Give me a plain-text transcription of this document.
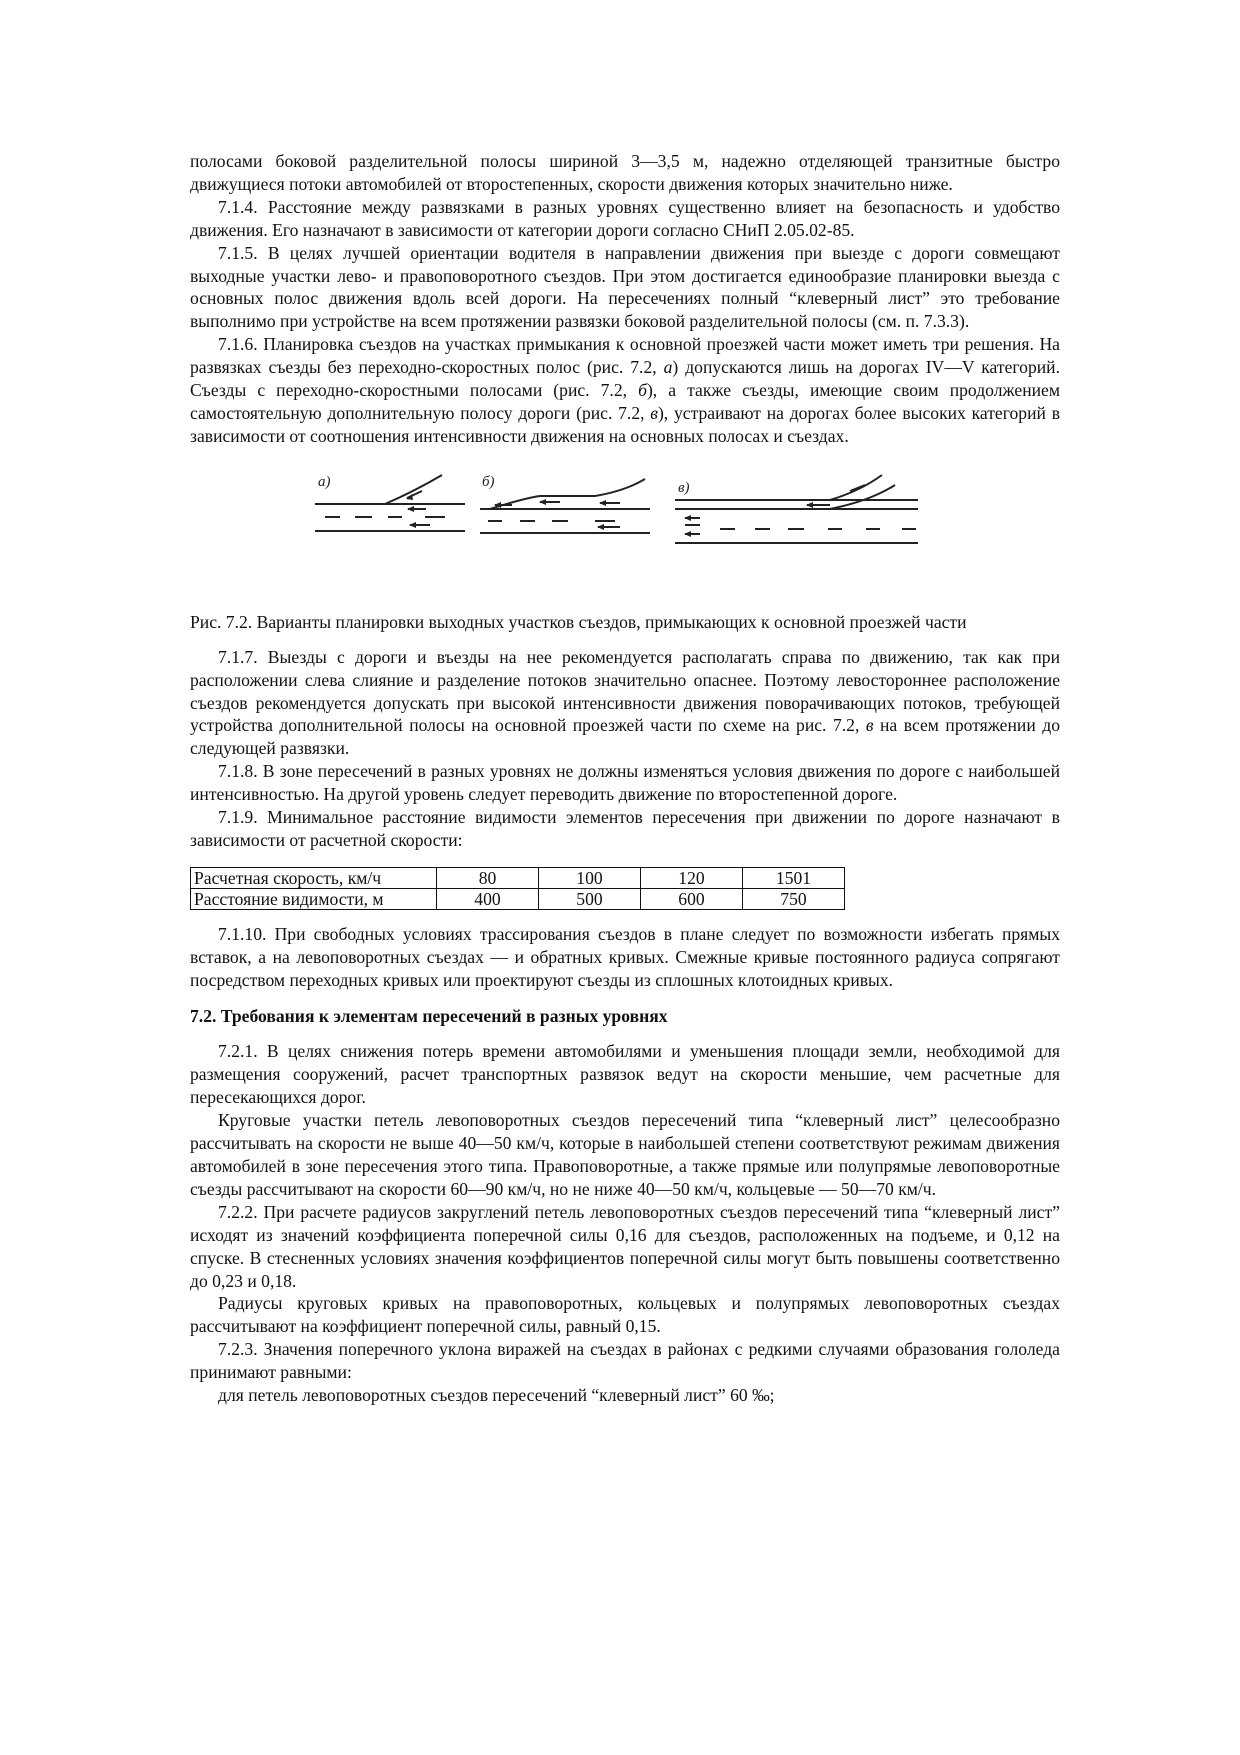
полосами боковой разделительной полосы шириной 3—3,5 м, надежно отделяющей транзитные быстро движущиеся потоки автомобилей от второстепенных, скорости движения которых значительно ниже.

7.1.4. Расстояние между развязками в разных уровнях существенно влияет на безопасность и удобство движения. Его назначают в зависимости от категории дороги согласно СНиП 2.05.02-85.

7.1.5. В целях лучшей ориентации водителя в направлении движения при выезде с дороги совмещают выходные участки лево- и правоповоротного съездов. При этом достигается единообразие планировки выезда с основных полос движения вдоль всей дороги. На пересечениях полный “клеверный лист” это требование выполнимо при устройстве на всем протяжении развязки боковой разделительной полосы (см. п. 7.3.3).

7.1.6. Планировка съездов на участках примыкания к основной проезжей части может иметь три решения. На развязках съезды без переходно-скоростных полос (рис. 7.2, а) допускаются лишь на дорогах IV—V категорий. Съезды с переходно-скоростными полосами (рис. 7.2, б), а также съезды, имеющие своим продолжением самостоятельную дополнительную полосу дороги (рис. 7.2, в), устраивают на дорогах более высоких категорий в зависимости от соотношения интенсивности движения на основных полосах и съездах.

а)	б)	в)

Рис. 7.2. Варианты планировки выходных участков съездов, примыкающих к основной проезжей части

7.1.7. Выезды с дороги и въезды на нее рекомендуется располагать справа по движению, так как при расположении слева слияние и разделение потоков значительно опаснее. Поэтому левостороннее расположение съездов рекомендуется допускать при высокой интенсивности движения поворачивающих потоков, требующей устройства дополнительной полосы на основной проезжей части по схеме на рис. 7.2, в на всем протяжении до следующей развязки.

7.1.8. В зоне пересечений в разных уровнях не должны изменяться условия движения по дороге с наибольшей интенсивностью. На другой уровень следует переводить движение по второстепенной дороге.

7.1.9. Минимальное расстояние видимости элементов пересечения при движении по дороге назначают в зависимости от расчетной скорости:

Расчетная скорость, км/ч	80	100	120	1501
Расстояние видимости, м	400	500	600	750

7.1.10. При свободных условиях трассирования съездов в плане следует по возможности избегать прямых вставок, а на левоповоротных съездах — и обратных кривых. Смежные кривые постоянного радиуса сопрягают посредством переходных кривых или проектируют съезды из сплошных клотоидных кривых.

7.2. Требования к элементам пересечений в разных уровнях

7.2.1. В целях снижения потерь времени автомобилями и уменьшения площади земли, необходимой для размещения сооружений, расчет транспортных развязок ведут на скорости меньшие, чем расчетные для пересекающихся дорог.

Круговые участки петель левоповоротных съездов пересечений типа “клеверный лист” целесообразно рассчитывать на скорости не выше 40—50 км/ч, которые в наибольшей степени соответствуют режимам движения автомобилей в зоне пересечения этого типа. Правоповоротные, а также прямые или полупрямые левоповоротные съезды рассчитывают на скорости 60—90 км/ч, но не ниже 40—50 км/ч, кольцевые — 50—70 км/ч.

7.2.2. При расчете радиусов закруглений петель левоповоротных съездов пересечений типа “клеверный лист” исходят из значений коэффициента поперечной силы 0,16 для съездов, расположенных на подъеме, и 0,12 на спуске. В стесненных условиях значения коэффициентов поперечной силы могут быть повышены соответственно до 0,23 и 0,18.

Радиусы круговых кривых на правоповоротных, кольцевых и полупрямых левоповоротных съездах рассчитывают на коэффициент поперечной силы, равный 0,15.

7.2.3. Значения поперечного уклона виражей на съездах в районах с редкими случаями образования гололеда принимают равными:

для петель левоповоротных съездов пересечений “клеверный лист” 60 ‰;
